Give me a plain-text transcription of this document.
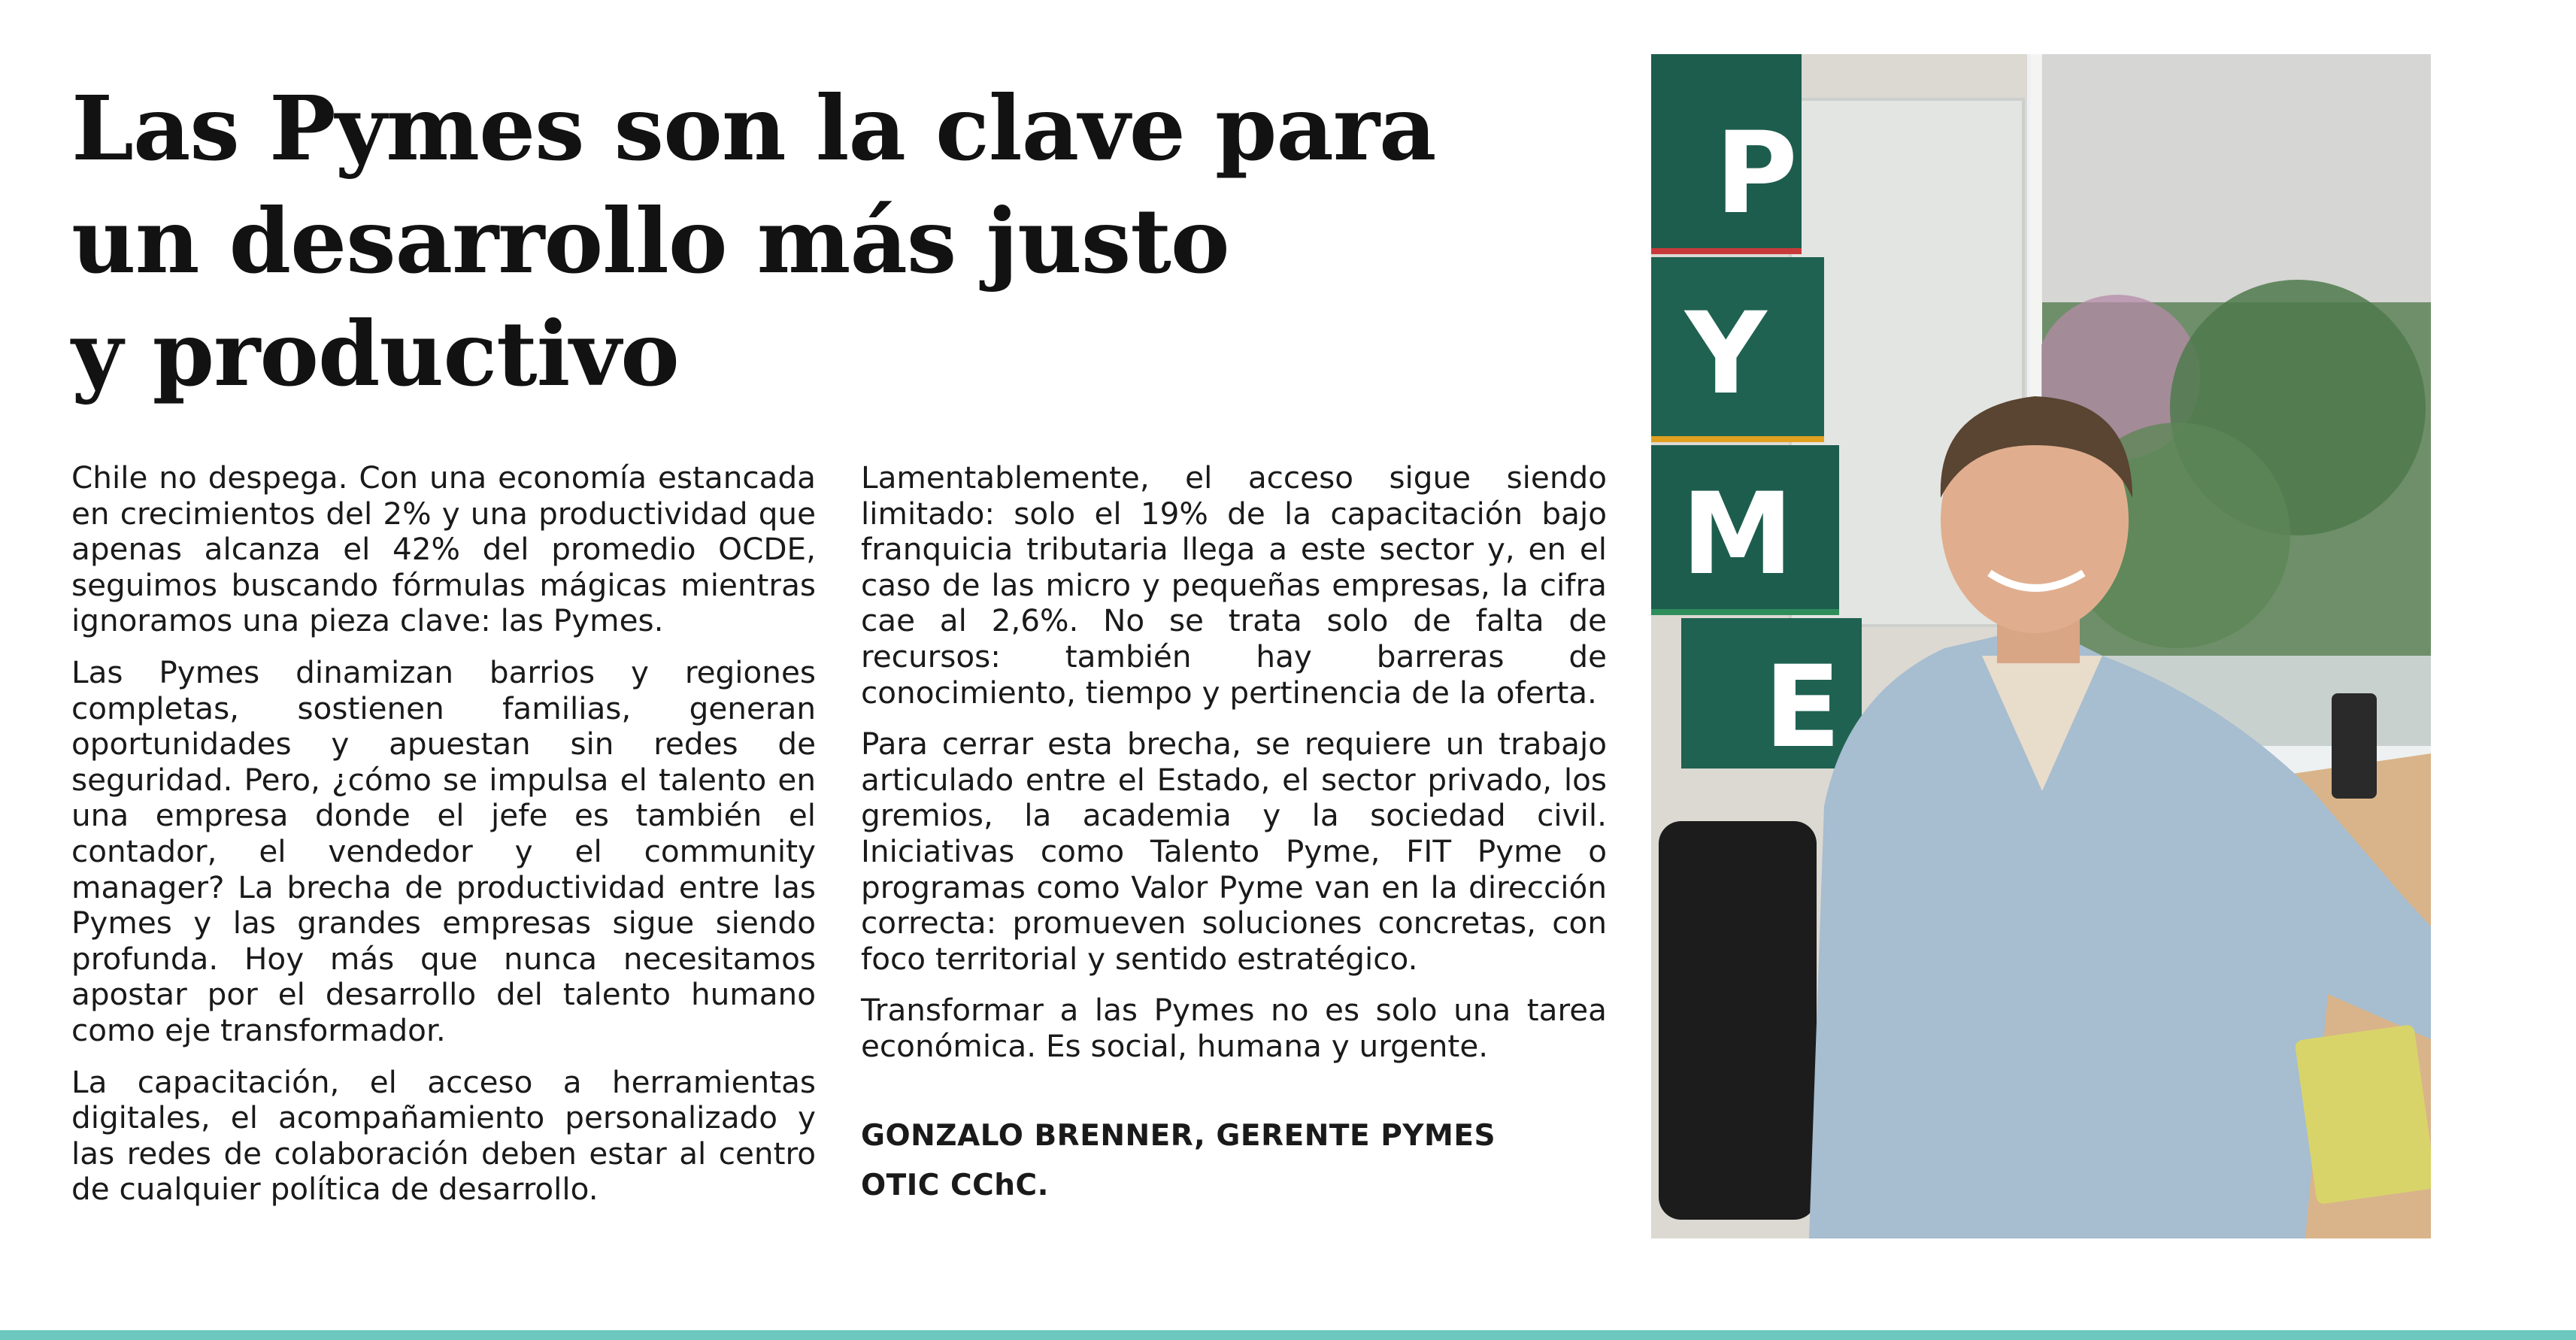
Las Pymes son la clave para
un desarrollo más justo
y productivo

Chile no despega. Con una economía estancada en crecimientos del 2% y una productividad que apenas alcanza el 42% del promedio OCDE, seguimos buscando fórmulas mágicas mientras ignoramos una pieza clave: las Pymes.

Las Pymes dinamizan barrios y regiones completas, sostienen familias, generan oportunidades y apuestan sin redes de seguridad. Pero, ¿cómo se impulsa el talento en una empresa donde el jefe es también el contador, el vendedor y el community manager? La brecha de productividad entre las Pymes y las grandes empresas sigue siendo profunda. Hoy más que nunca necesitamos apostar por el desarrollo del talento humano como eje transformador.

La capacitación, el acceso a herramientas digitales, el acompañamiento personalizado y las redes de colaboración deben estar al centro de cualquier política de desarrollo.

Lamentablemente, el acceso sigue siendo limitado: solo el 19% de la capacitación bajo franquicia tributaria llega a este sector y, en el caso de las micro y pequeñas empresas, la cifra cae al 2,6%. No se trata solo de falta de recursos: también hay barreras de conocimiento, tiempo y pertinencia de la oferta.

Para cerrar esta brecha, se requiere un trabajo articulado entre el Estado, el sector privado, los gremios, la academia y la sociedad civil. Iniciativas como Talento Pyme, FIT Pyme o programas como Valor Pyme van en la dirección correcta: promueven soluciones concretas, con foco territorial y sentido estratégico.

Transformar a las Pymes no es solo una tarea económica. Es social, humana y urgente.

GONZALO BRENNER, GERENTE PYMES
OTIC CChC.
P
Y
M
E
